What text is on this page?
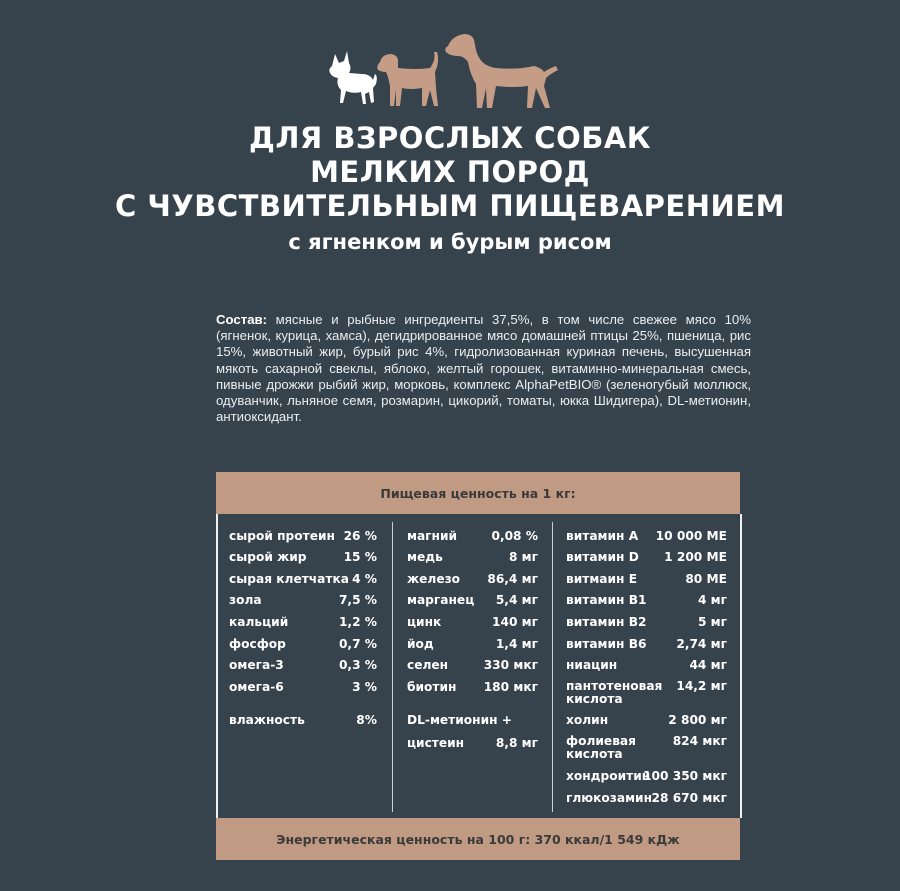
ДЛЯ ВЗРОСЛЫХ СОБАК
МЕЛКИХ ПОРОД
С ЧУВСТВИТЕЛЬНЫМ ПИЩЕВАРЕНИЕМ
с ягненком и бурым рисом
Состав: мясные и рыбные ингредиенты 37,5%, в том числе свежее мясо 10% (ягненок, курица, хамса), дегидрированное мясо домашней птицы 25%, пшеница, рис 15%, животный жир, бурый рис 4%, гидролизованная куриная печень, высушенная мякоть сахарной свеклы, яблоко, желтый горошек, витаминно-минеральная смесь, пивные дрожжи рыбий жир, морковь, комплекс AlphaPetBIO® (зеленогубый моллюск, одуванчик, льняное семя, розмарин, цикорий, томаты, юкка Шидигера), DL-метионин, антиоксидант.
Пищевая ценность на 1 кг:
сырой протеин 26 %
сырой жир	15 %
сырая клетчатка 4 %
зола	7,5 %
кальций	1,2 %
фосфор	0,7 %
омега-3	0,3 %
омега-6	3 %
влажность	8%
магний	0,08 %
медь	8 мг
железо 86,4 мг
марганец 5,4 мг
цинк	140 мг
йод	1,4 мг
селен	330 мкг
биотин 180 мкг
DL-метионин +
цистеин	8,8 мг
витамин А 10 000 МЕ
витамин D 1 200 МЕ
витмаин Е	80 МЕ
витамин В1	4 мг
витамин В2	5 мг
витамин В6 2,74 мг
ниацин	44 мг
пантотеновая кислота
14,2 мг
холин	2 800 мг
фолиевая кислота
824 мкг
хондроитин
100 350 мкг
глюкозамин 28 670 мкг
Энергетическая ценность на 100 г: 370 ккал/1 549 кДж
